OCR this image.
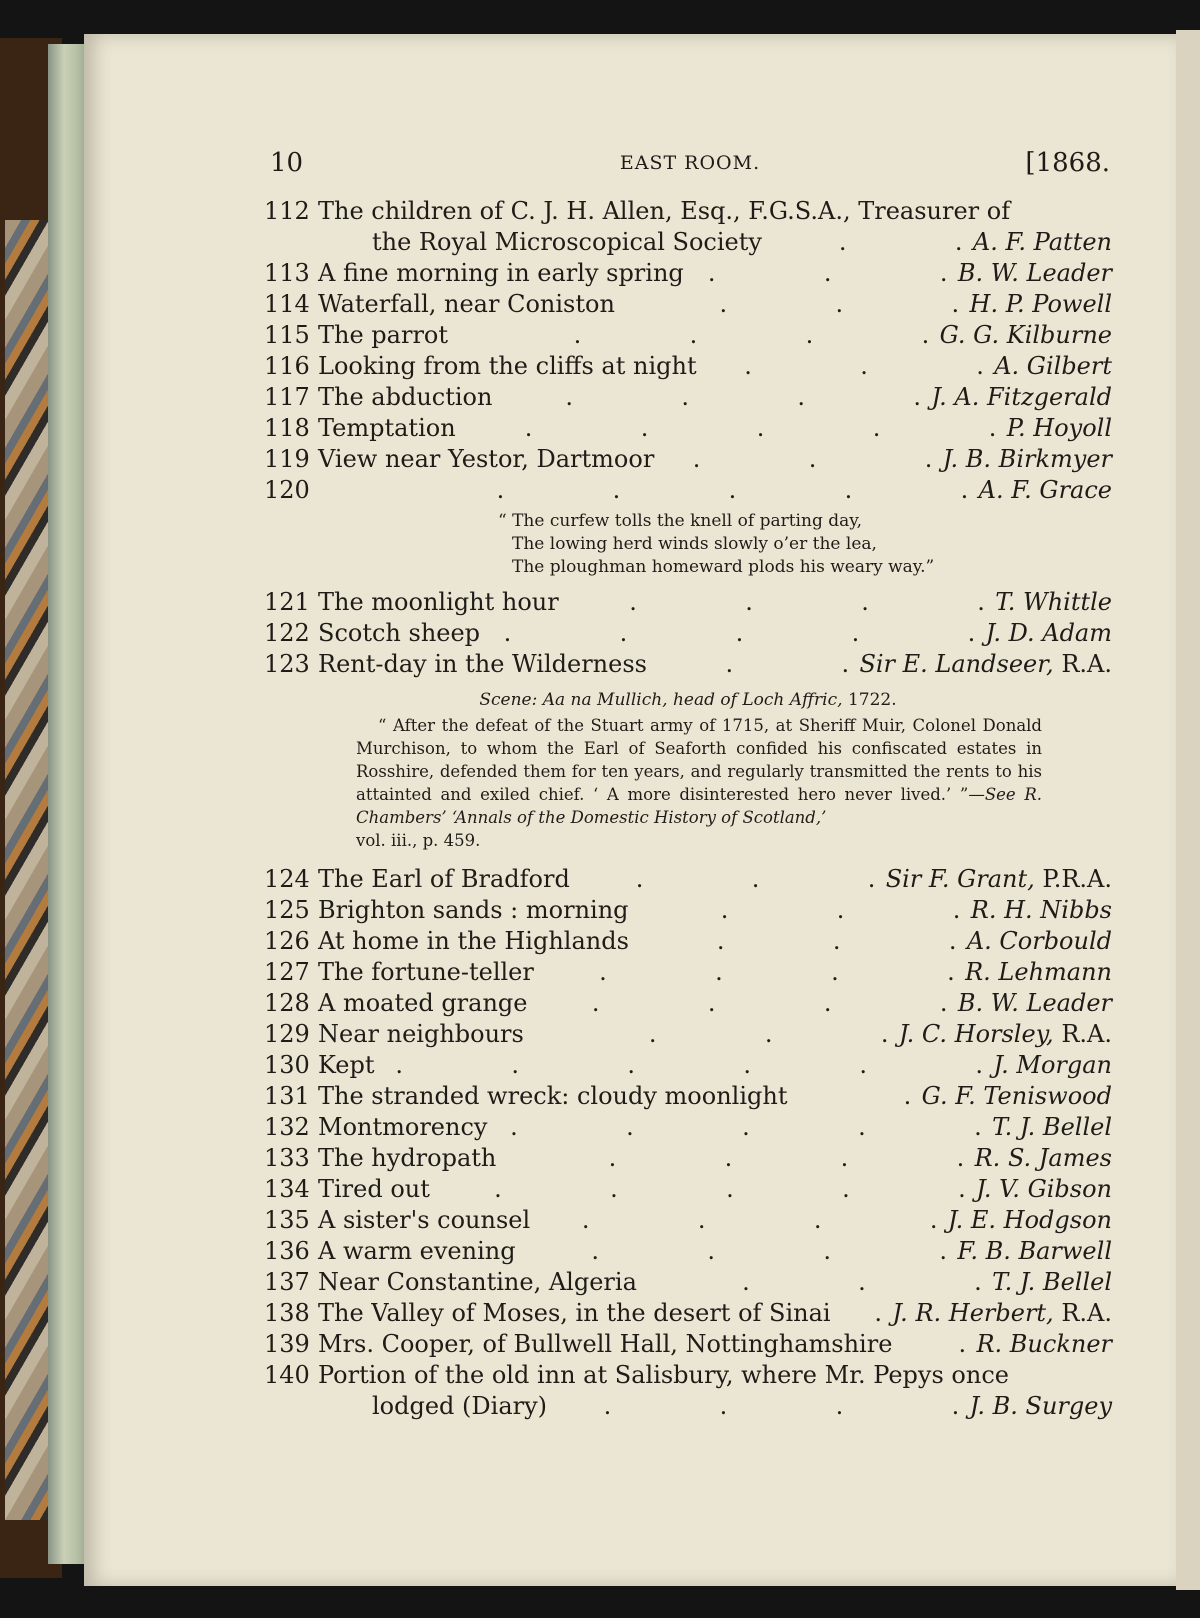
10	EAST ROOM.	[1868.
112 The children of C. J. H. Allen, Esq., F.G.S.A., Treasurer of
the Royal Microscopical Society	A. F. Patten
.
.
113 A fine morning in early spring	B. W. Leader
.
.
.
114 Waterfall, near Coniston	H. P. Powell
.
.
.
115 The parrot	G. G. Kilburne
.
.
.
.
116 Looking from the cliffs at night	A. Gilbert
.
.
.
117 The abduction	J. A. Fitzgerald
.
.
.
.
118 Temptation	P. Hoyoll
.
.
.
.
.
119 View near Yestor, Dartmoor	J. B. Birkmyer
.
.
.
120	A. F. Grace
.
.
.
.
.
“ The curfew tolls the knell of parting day,
The lowing herd winds slowly o’er the lea,
The ploughman homeward plods his weary way.”
121 The moonlight hour	T. Whittle
.
.
.
.
122 Scotch sheep	J. D. Adam
.
.
.
.
.
123 Rent-day in the Wilderness	Sir E. Landseer, R.A.
.
.
Scene: Aa na Mullich, head of Loch Affric, 1722.
“ After the defeat of the Stuart army of 1715, at Sheriff Muir, Colonel Donald Murchison, to whom the Earl of Seaforth confided his confiscated estates in Rosshire, defended them for ten years, and regularly transmitted the rents to his attainted and exiled chief. ‘ A more disinterested hero never lived.’ ”—See R. Chambers’ ‘Annals of the Domestic History of Scotland,’
vol. iii., p. 459.
124 The Earl of Bradford	Sir F. Grant, P.R.A.
.
.
.
125 Brighton sands : morning	R. H. Nibbs
.
.
.
126 At home in the Highlands	A. Corbould
.
.
.
127 The fortune-teller	R. Lehmann
.
.
.
.
128 A moated grange	B. W. Leader
.
.
.
.
129 Near neighbours	J. C. Horsley, R.A.
.
.
.
130 Kept	J. Morgan
.
.
.
.
.
.
131 The stranded wreck: cloudy moonlight	G. F. Teniswood
.
132 Montmorency	T. J. Bellel
.
.
.
.
.
133 The hydropath	R. S. James
.
.
.
.
134 Tired out	J. V. Gibson
.
.
.
.
.
135 A sister's counsel	J. E. Hodgson
.
.
.
.
136 A warm evening	F. B. Barwell
.
.
.
.
137 Near Constantine, Algeria	T. J. Bellel
.
.
.
138 The Valley of Moses, in the desert of Sinai	J. R. Herbert, R.A.
.
139 Mrs. Cooper, of Bullwell Hall, Nottinghamshire	R. Buckner
.
140 Portion of the old inn at Salisbury, where Mr. Pepys once
lodged (Diary)	J. B. Surgey
.
.
.
.
